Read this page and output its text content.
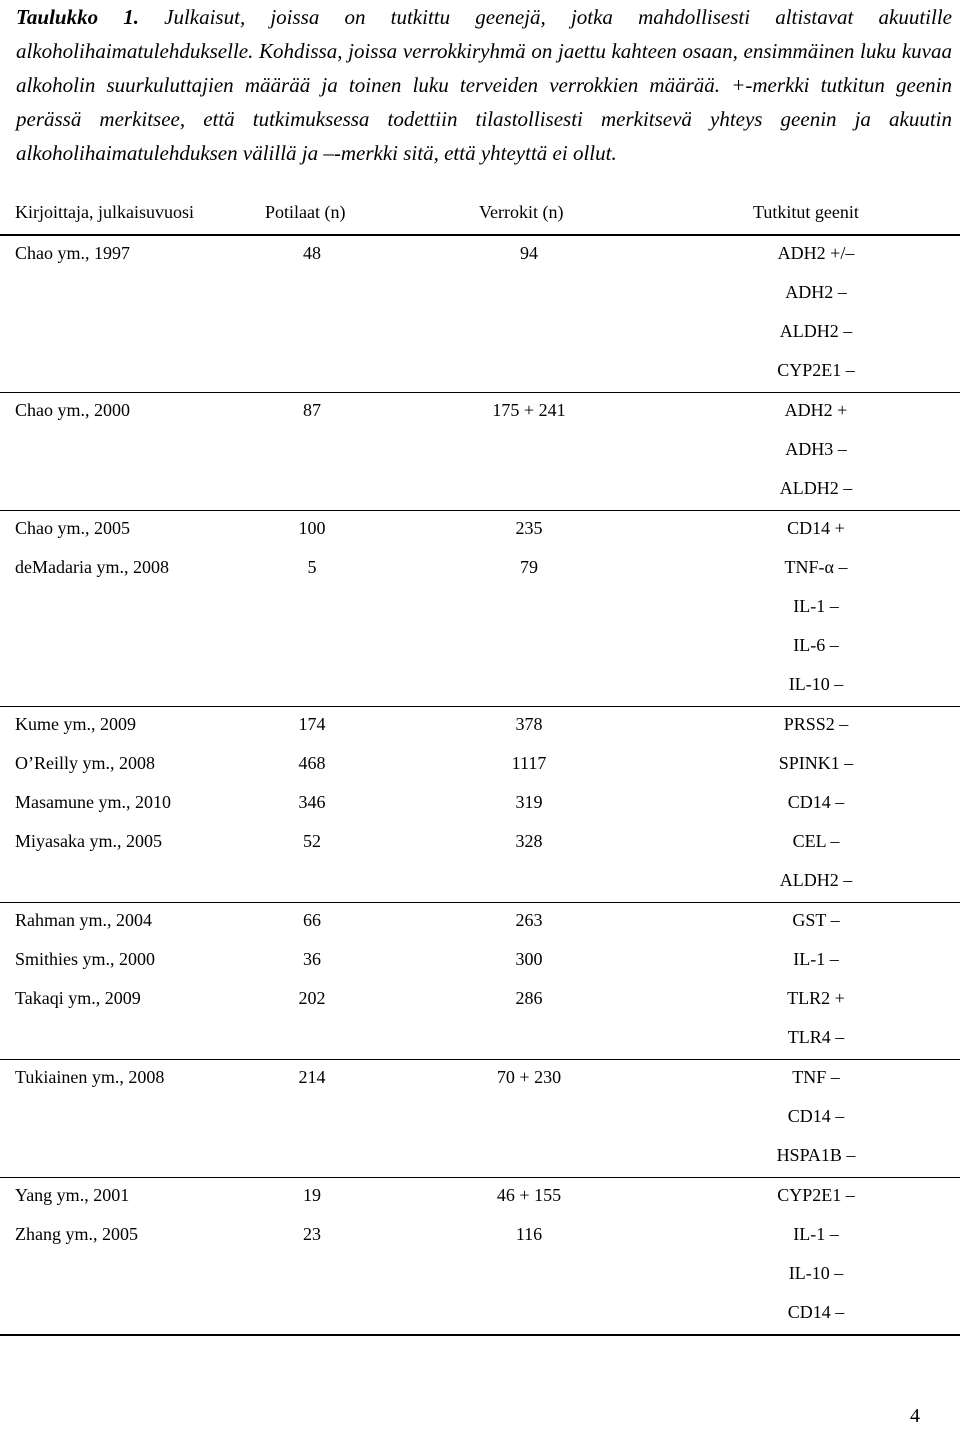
Taulukko 1. Julkaisut, joissa on tutkittu geenejä, jotka mahdollisesti altistavat akuutille alkoholihaimatulehdukselle. Kohdissa, joissa verrokkiryhmä on jaettu kahteen osaan, ensimmäinen luku kuvaa alkoholin suurkuluttajien määrää ja toinen luku terveiden verrokkien määrää. +-merkki tutkitun geenin perässä merkitsee, että tutkimuksessa todettiin tilastollisesti merkitsevä yhteys geenin ja akuutin alkoholihaimatulehduksen välillä ja –-merkki sitä, että yhteyttä ei ollut.
Kirjoittaja, julkaisuvuosi	Potilaat (n)	Verrokit (n)	Tutkitut geenit
Chao ym., 1997	48	94	ADH2 +/–
ADH2 –
ALDH2 –
CYP2E1 –
Chao ym., 2000	87	175 + 241	ADH2 +
ADH3 –
ALDH2 –
Chao ym., 2005	100	235	CD14 +
deMadaria ym., 2008	5	79	TNF-α –
IL-1 –
IL-6 –
IL-10 –
Kume ym., 2009	174	378	PRSS2 –
O’Reilly ym., 2008	468	1117	SPINK1 –
Masamune ym., 2010	346	319	CD14 –
Miyasaka ym., 2005	52	328	CEL –
ALDH2 –
Rahman ym., 2004	66	263	GST –
Smithies ym., 2000	36	300	IL-1 –
Takaqi ym., 2009	202	286	TLR2 +
TLR4 –
Tukiainen ym., 2008	214	70 + 230	TNF –
CD14 –
HSPA1B –
Yang ym., 2001	19	46 + 155	CYP2E1 –
Zhang ym., 2005	23	116	IL-1 –
IL-10 –
CD14 –
4
